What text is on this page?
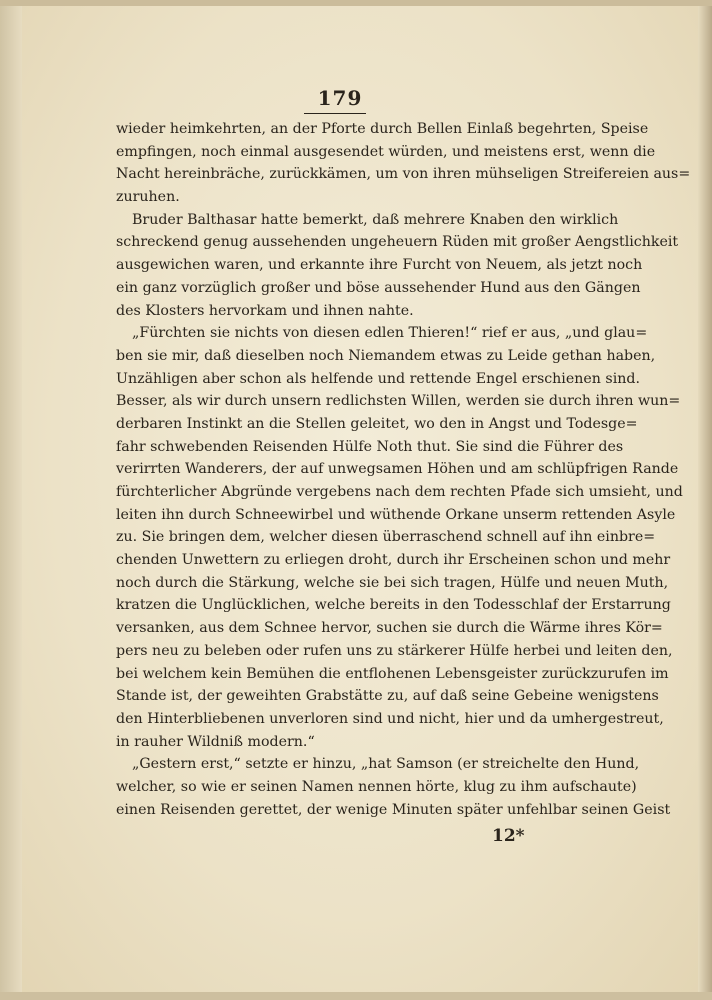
179
wieder heimkehrten, an der Pforte durch Bellen Einlaß begehrten, Speise
empfingen, noch einmal ausgesendet würden, und meistens erst, wenn die
Nacht hereinbräche, zurückkämen, um von ihren mühseligen Streifereien aus=
zuruhen.
Bruder Balthasar hatte bemerkt, daß mehrere Knaben den wirklich
schreckend genug aussehenden ungeheuern Rüden mit großer Aengstlichkeit
ausgewichen waren, und erkannte ihre Furcht von Neuem, als jetzt noch
ein ganz vorzüglich großer und böse aussehender Hund aus den Gängen
des Klosters hervorkam und ihnen nahte.
„Fürchten sie nichts von diesen edlen Thieren!“ rief er aus, „und glau=
ben sie mir, daß dieselben noch Niemandem etwas zu Leide gethan haben,
Unzähligen aber schon als helfende und rettende Engel erschienen sind.
Besser, als wir durch unsern redlichsten Willen, werden sie durch ihren wun=
derbaren Instinkt an die Stellen geleitet, wo den in Angst und Todesge=
fahr schwebenden Reisenden Hülfe Noth thut. Sie sind die Führer des
verirrten Wanderers, der auf unwegsamen Höhen und am schlüpfrigen Rande
fürchterlicher Abgründe vergebens nach dem rechten Pfade sich umsieht, und
leiten ihn durch Schneewirbel und wüthende Orkane unserm rettenden Asyle
zu. Sie bringen dem, welcher diesen überraschend schnell auf ihn einbre=
chenden Unwettern zu erliegen droht, durch ihr Erscheinen schon und mehr
noch durch die Stärkung, welche sie bei sich tragen, Hülfe und neuen Muth,
kratzen die Unglücklichen, welche bereits in den Todesschlaf der Erstarrung
versanken, aus dem Schnee hervor, suchen sie durch die Wärme ihres Kör=
pers neu zu beleben oder rufen uns zu stärkerer Hülfe herbei und leiten den,
bei welchem kein Bemühen die entflohenen Lebensgeister zurückzurufen im
Stande ist, der geweihten Grabstätte zu, auf daß seine Gebeine wenigstens
den Hinterbliebenen unverloren sind und nicht, hier und da umhergestreut,
in rauher Wildniß modern.“
„Gestern erst,“ setzte er hinzu, „hat Samson (er streichelte den Hund,
welcher, so wie er seinen Namen nennen hörte, klug zu ihm aufschaute)
einen Reisenden gerettet, der wenige Minuten später unfehlbar seinen Geist
12*
